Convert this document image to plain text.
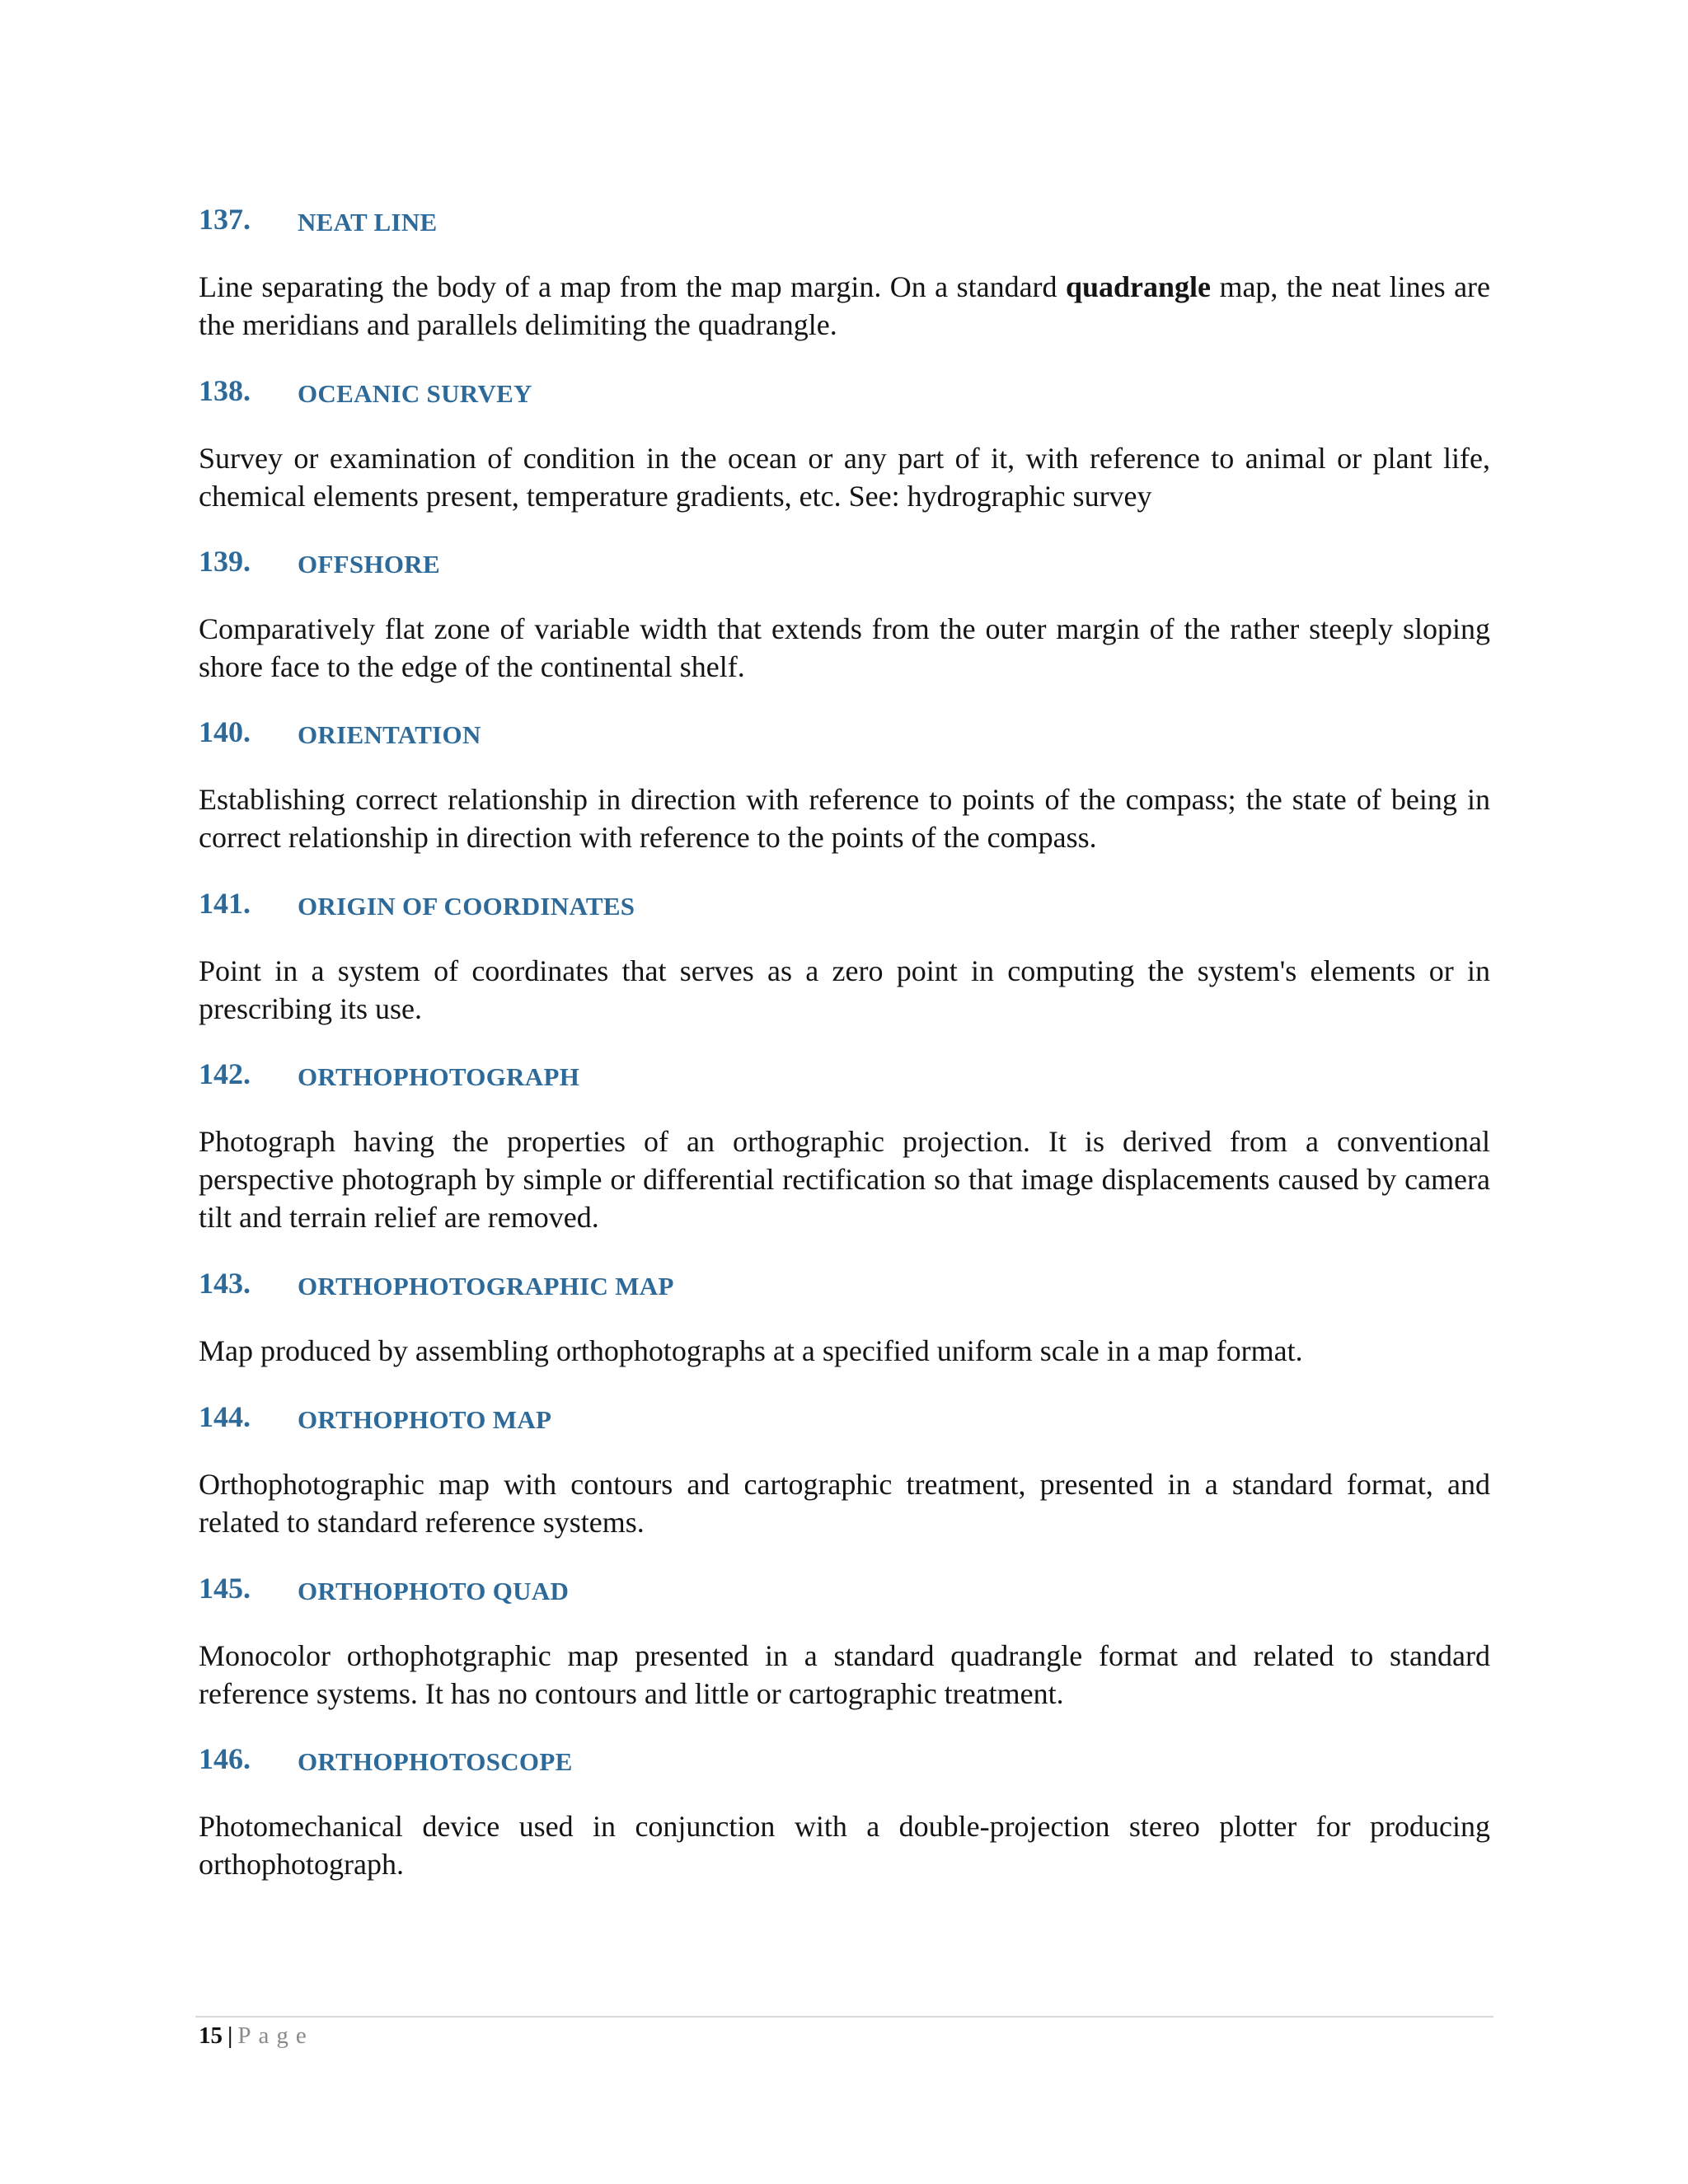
137. NEAT LINE
Line separating the body of a map from the map margin. On a standard quadrangle map, the neat lines are the meridians and parallels delimiting the quadrangle.
138. OCEANIC SURVEY
Survey or examination of condition in the ocean or any part of it, with reference to animal or plant life, chemical elements present, temperature gradients, etc. See: hydrographic survey
139. OFFSHORE
Comparatively flat zone of variable width that extends from the outer margin of the rather steeply sloping shore face to the edge of the continental shelf.
140. ORIENTATION
Establishing correct relationship in direction with reference to points of the compass; the state of being in correct relationship in direction with reference to the points of the compass.
141. ORIGIN OF COORDINATES
Point in a system of coordinates that serves as a zero point in computing the system's elements or in prescribing its use.
142. ORTHOPHOTOGRAPH
Photograph having the properties of an orthographic projection. It is derived from a conventional perspective photograph by simple or differential rectification so that image displacements caused by camera tilt and terrain relief are removed.
143. ORTHOPHOTOGRAPHIC MAP
Map produced by assembling orthophotographs at a specified uniform scale in a map format.
144. ORTHOPHOTO MAP
Orthophotographic map with contours and cartographic treatment, presented in a standard format, and related to standard reference systems.
145. ORTHOPHOTO QUAD
Monocolor orthophotgraphic map presented in a standard quadrangle format and related to standard reference systems. It has no contours and little or cartographic treatment.
146. ORTHOPHOTOSCOPE
Photomechanical device used in conjunction with a double-projection stereo plotter for producing orthophotograph.
15 | Page
